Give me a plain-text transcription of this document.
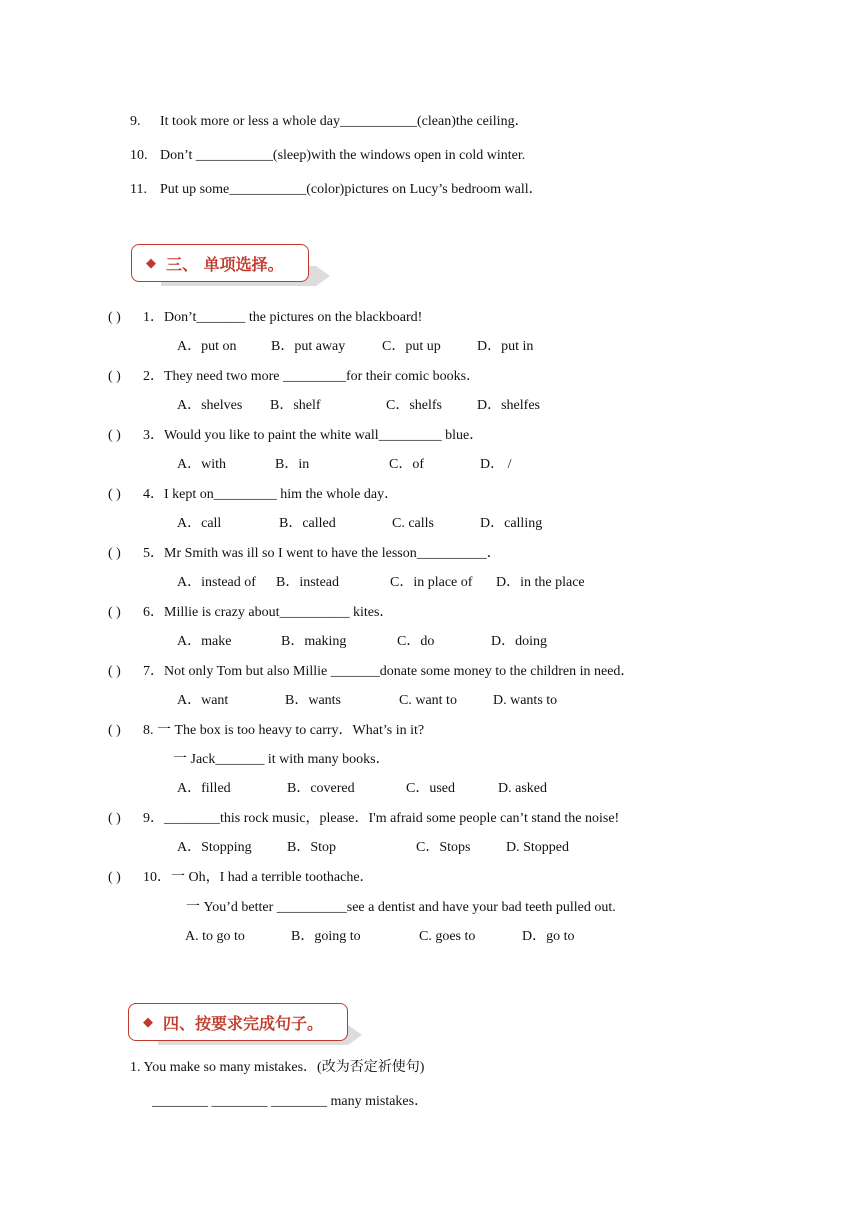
9. It took more or less a whole day___________(clean)the ceiling．
10. Don’t ___________(sleep)with the windows open in cold winter.
11. Put up some___________(color)pictures on Lucy’s bedroom wall．
◆ 三、 单项选择。
( ) 1．Don’t_______ the pictures on the blackboard!
A．put on B．put away	C．put up	D．put in
( ) 2．They need two more _________for their comic books．
A．shelves B．shelf	C．shelfs	D．shelfes
( ) 3．Would you like to paint the white wall_________ blue．
A．with	B．in	C．of	D． /
( ) 4．I kept on_________ him the whole day．
A．call	B．called	C. calls	D．calling
( ) 5．Mr Smith was ill so I went to have the lesson__________．
A．instead of B．instead	C．in place of D．in the place
( ) 6．Millie is crazy about__________ kites．
A．make	B．making	C．do	D．doing
( ) 7．Not only Tom but also Millie _______donate some money to the children in need．
A．want	B．wants	C. want to	D. wants to
( ) 8. 一 The box is too heavy to carry．What’s in it?
一 Jack_______ it with many books．
A．filled	B．covered	C．used	D. asked
( ) 9．________this rock music，please．I'm afraid some people can’t stand the noise!
A．Stopping	B．Stop	C．Stops	D. Stopped
( ) 10．一 Oh，I had a terrible toothache．
一 You’d better __________see a dentist and have your bad teeth pulled out.
A. to go to	B．going to	C. goes to	D．go to
◆ 四、按要求完成句子。
1. You make so many mistakes．(改为否定祈使句)
________ ________ ________ many mistakes．
